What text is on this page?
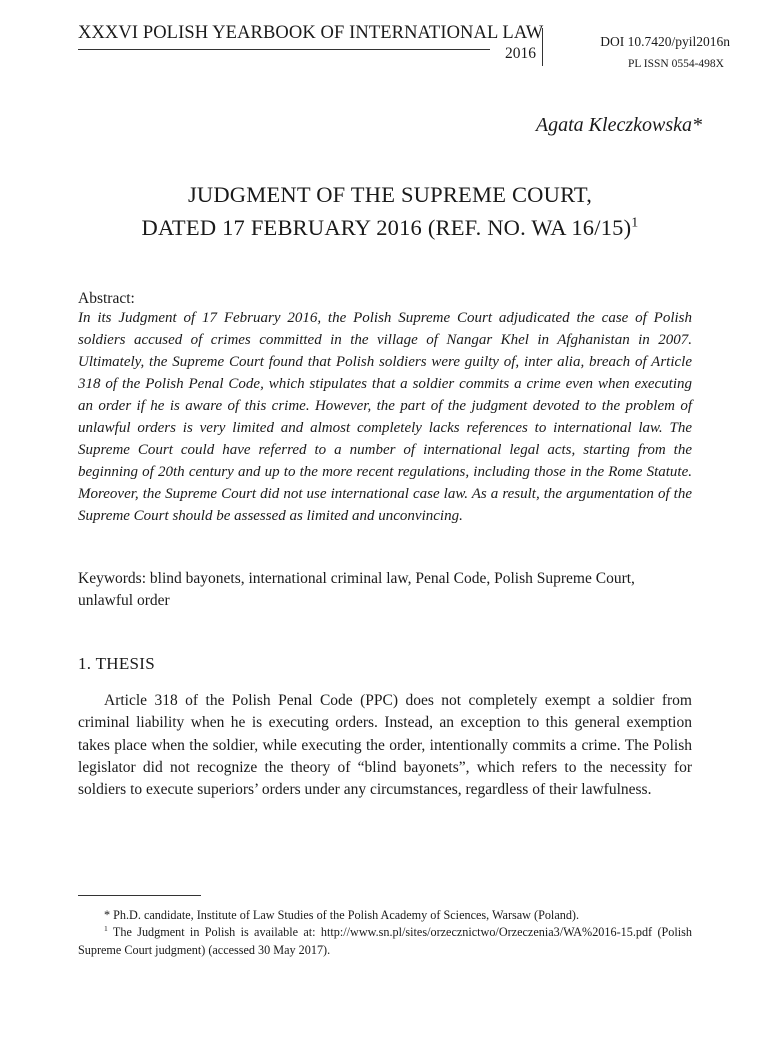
XXXVI POLISH YEARBOOK OF INTERNATIONAL LAW
2016
DOI 10.7420/pyil2016n
PL ISSN 0554-498X
Agata Kleczkowska*
JUDGMENT OF THE SUPREME COURT,
DATED 17 FEBRUARY 2016 (REF. NO. WA 16/15)$^1$
Abstract:
In its Judgment of 17 February 2016, the Polish Supreme Court adjudicated the case of Polish soldiers accused of crimes committed in the village of Nangar Khel in Afghanistan in 2007. Ultimately, the Supreme Court found that Polish soldiers were guilty of, inter alia, breach of Article 318 of the Polish Penal Code, which stipulates that a soldier commits a crime even when executing an order if he is aware of this crime. However, the part of the judgment devoted to the problem of unlawful orders is very limited and almost completely lacks references to international law. The Supreme Court could have referred to a number of international legal acts, starting from the beginning of 20th century and up to the more recent regulations, including those in the Rome Statute. Moreover, the Supreme Court did not use international case law. As a result, the argumentation of the Supreme Court should be assessed as limited and unconvincing.
Keywords: blind bayonets, international criminal law, Penal Code, Polish Supreme Court, unlawful order
1. THESIS
Article 318 of the Polish Penal Code (PPC) does not completely exempt a soldier from criminal liability when he is executing orders. Instead, an exception to this general exemption takes place when the soldier, while executing the order, intentionally commits a crime. The Polish legislator did not recognize the theory of “blind bayonets”, which refers to the necessity for soldiers to execute superiors’ orders under any circumstances, regardless of their lawfulness.
* Ph.D. candidate, Institute of Law Studies of the Polish Academy of Sciences, Warsaw (Poland).
$^1$ The Judgment in Polish is available at: http://www.sn.pl/sites/orzecznictwo/Orzeczenia3/WA%2016-15.pdf (Polish Supreme Court judgment) (accessed 30 May 2017).
